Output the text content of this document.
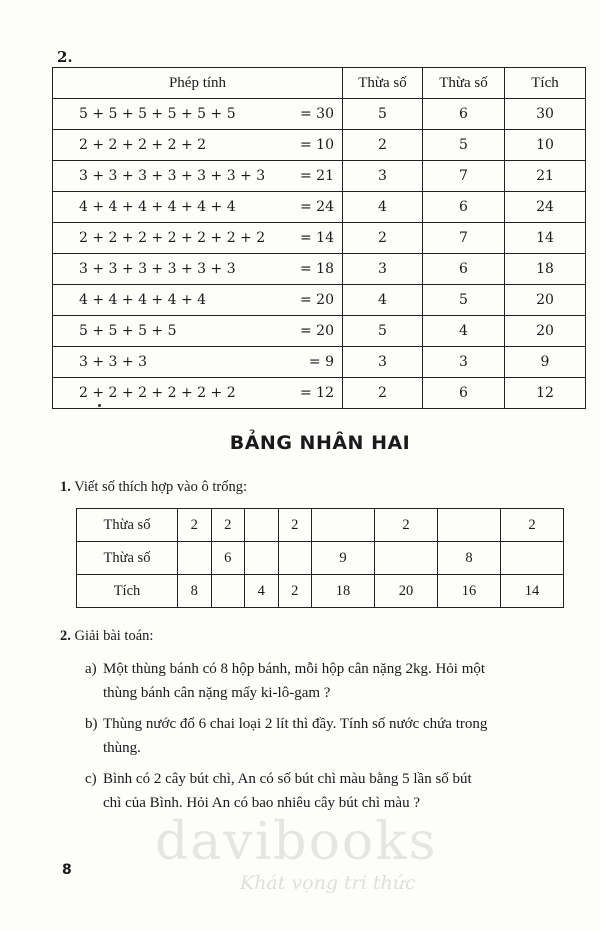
2.
Phép tính	Thừa số	Thừa số	Tích
5 + 5 + 5 + 5 + 5 + 5 = 30	5	6	30
2 + 2 + 2 + 2 + 2 = 10	2	5	10
3 + 3 + 3 + 3 + 3 + 3 + 3 = 21	3	7	21
4 + 4 + 4 + 4 + 4 + 4 = 24	4	6	24
2 + 2 + 2 + 2 + 2 + 2 + 2 = 14	2	7	14
3 + 3 + 3 + 3 + 3 + 3 = 18	3	6	18
4 + 4 + 4 + 4 + 4 = 20	4	5	20
5 + 5 + 5 + 5 = 20	5	4	20
3 + 3 + 3 = 9	3	3	9
2 + 2 + 2 + 2 + 2 + 2 = 12	2	6	12
BẢNG NHÂN HAI
1. Viết số thích hợp vào ô trống:
Thừa số	2	2		2		2		2
Thừa số		6			9		8	
Tích	8		4	2	18	20	16	14
2. Giải bài toán:
a) Một thùng bánh có 8 hộp bánh, mỗi hộp cân nặng 2kg. Hỏi một
thùng bánh cân nặng mấy ki-lô-gam ?
b) Thùng nước đổ 6 chai loại 2 lít thì đầy. Tính số nước chứa trong
thùng.
c) Bình có 2 cây bút chì, An có số bút chì màu bằng 5 lần số bút
chì của Bình. Hỏi An có bao nhiêu cây bút chì màu ?
davibooks
Khát vọng tri thức
8
